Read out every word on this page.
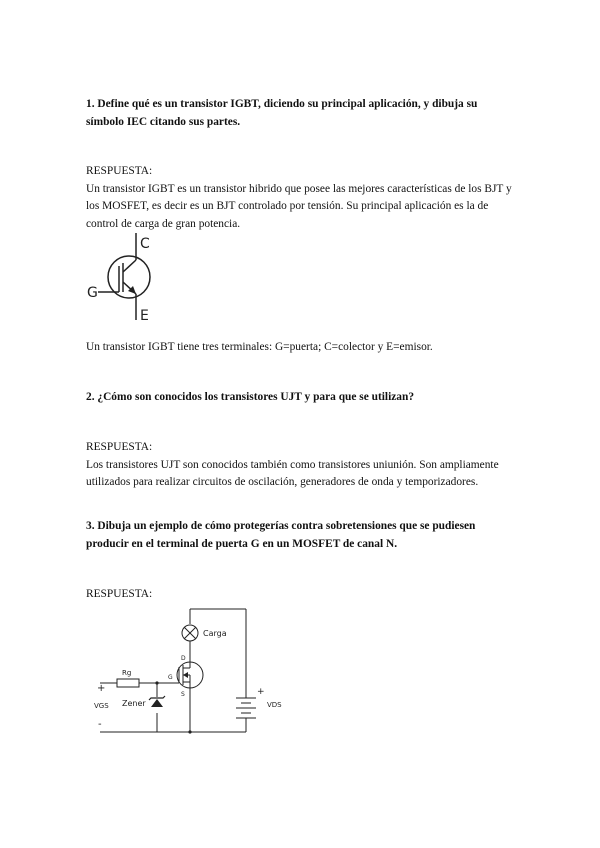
1. Define qué es un transistor IGBT, diciendo su principal aplicación, y dibuja su símbolo IEC citando sus partes.

RESPUESTA:

Un transistor IGBT es un transistor hibrido que posee las mejores características de los BJT y los MOSFET, es decir es un BJT controlado por tensión. Su principal aplicación es la de control de carga de gran potencia.

C
G
E

Un transistor IGBT tiene tres terminales: G=puerta; C=colector y E=emisor.

2. ¿Cómo son conocidos los transistores UJT y para que se utilizan?

RESPUESTA:

Los transistores UJT son conocidos también como transistores uniunión. Son ampliamente utilizados para realizar circuitos de oscilación, generadores de onda y temporizadores.

3. Dibuja un ejemplo de cómo protegerías contra sobretensiones que se pudiesen producir en el terminal de puerta G en un MOSFET de canal N.

RESPUESTA:

Carga
Rg
G
D
S
Zener
VGS	VDS
+	+
-
